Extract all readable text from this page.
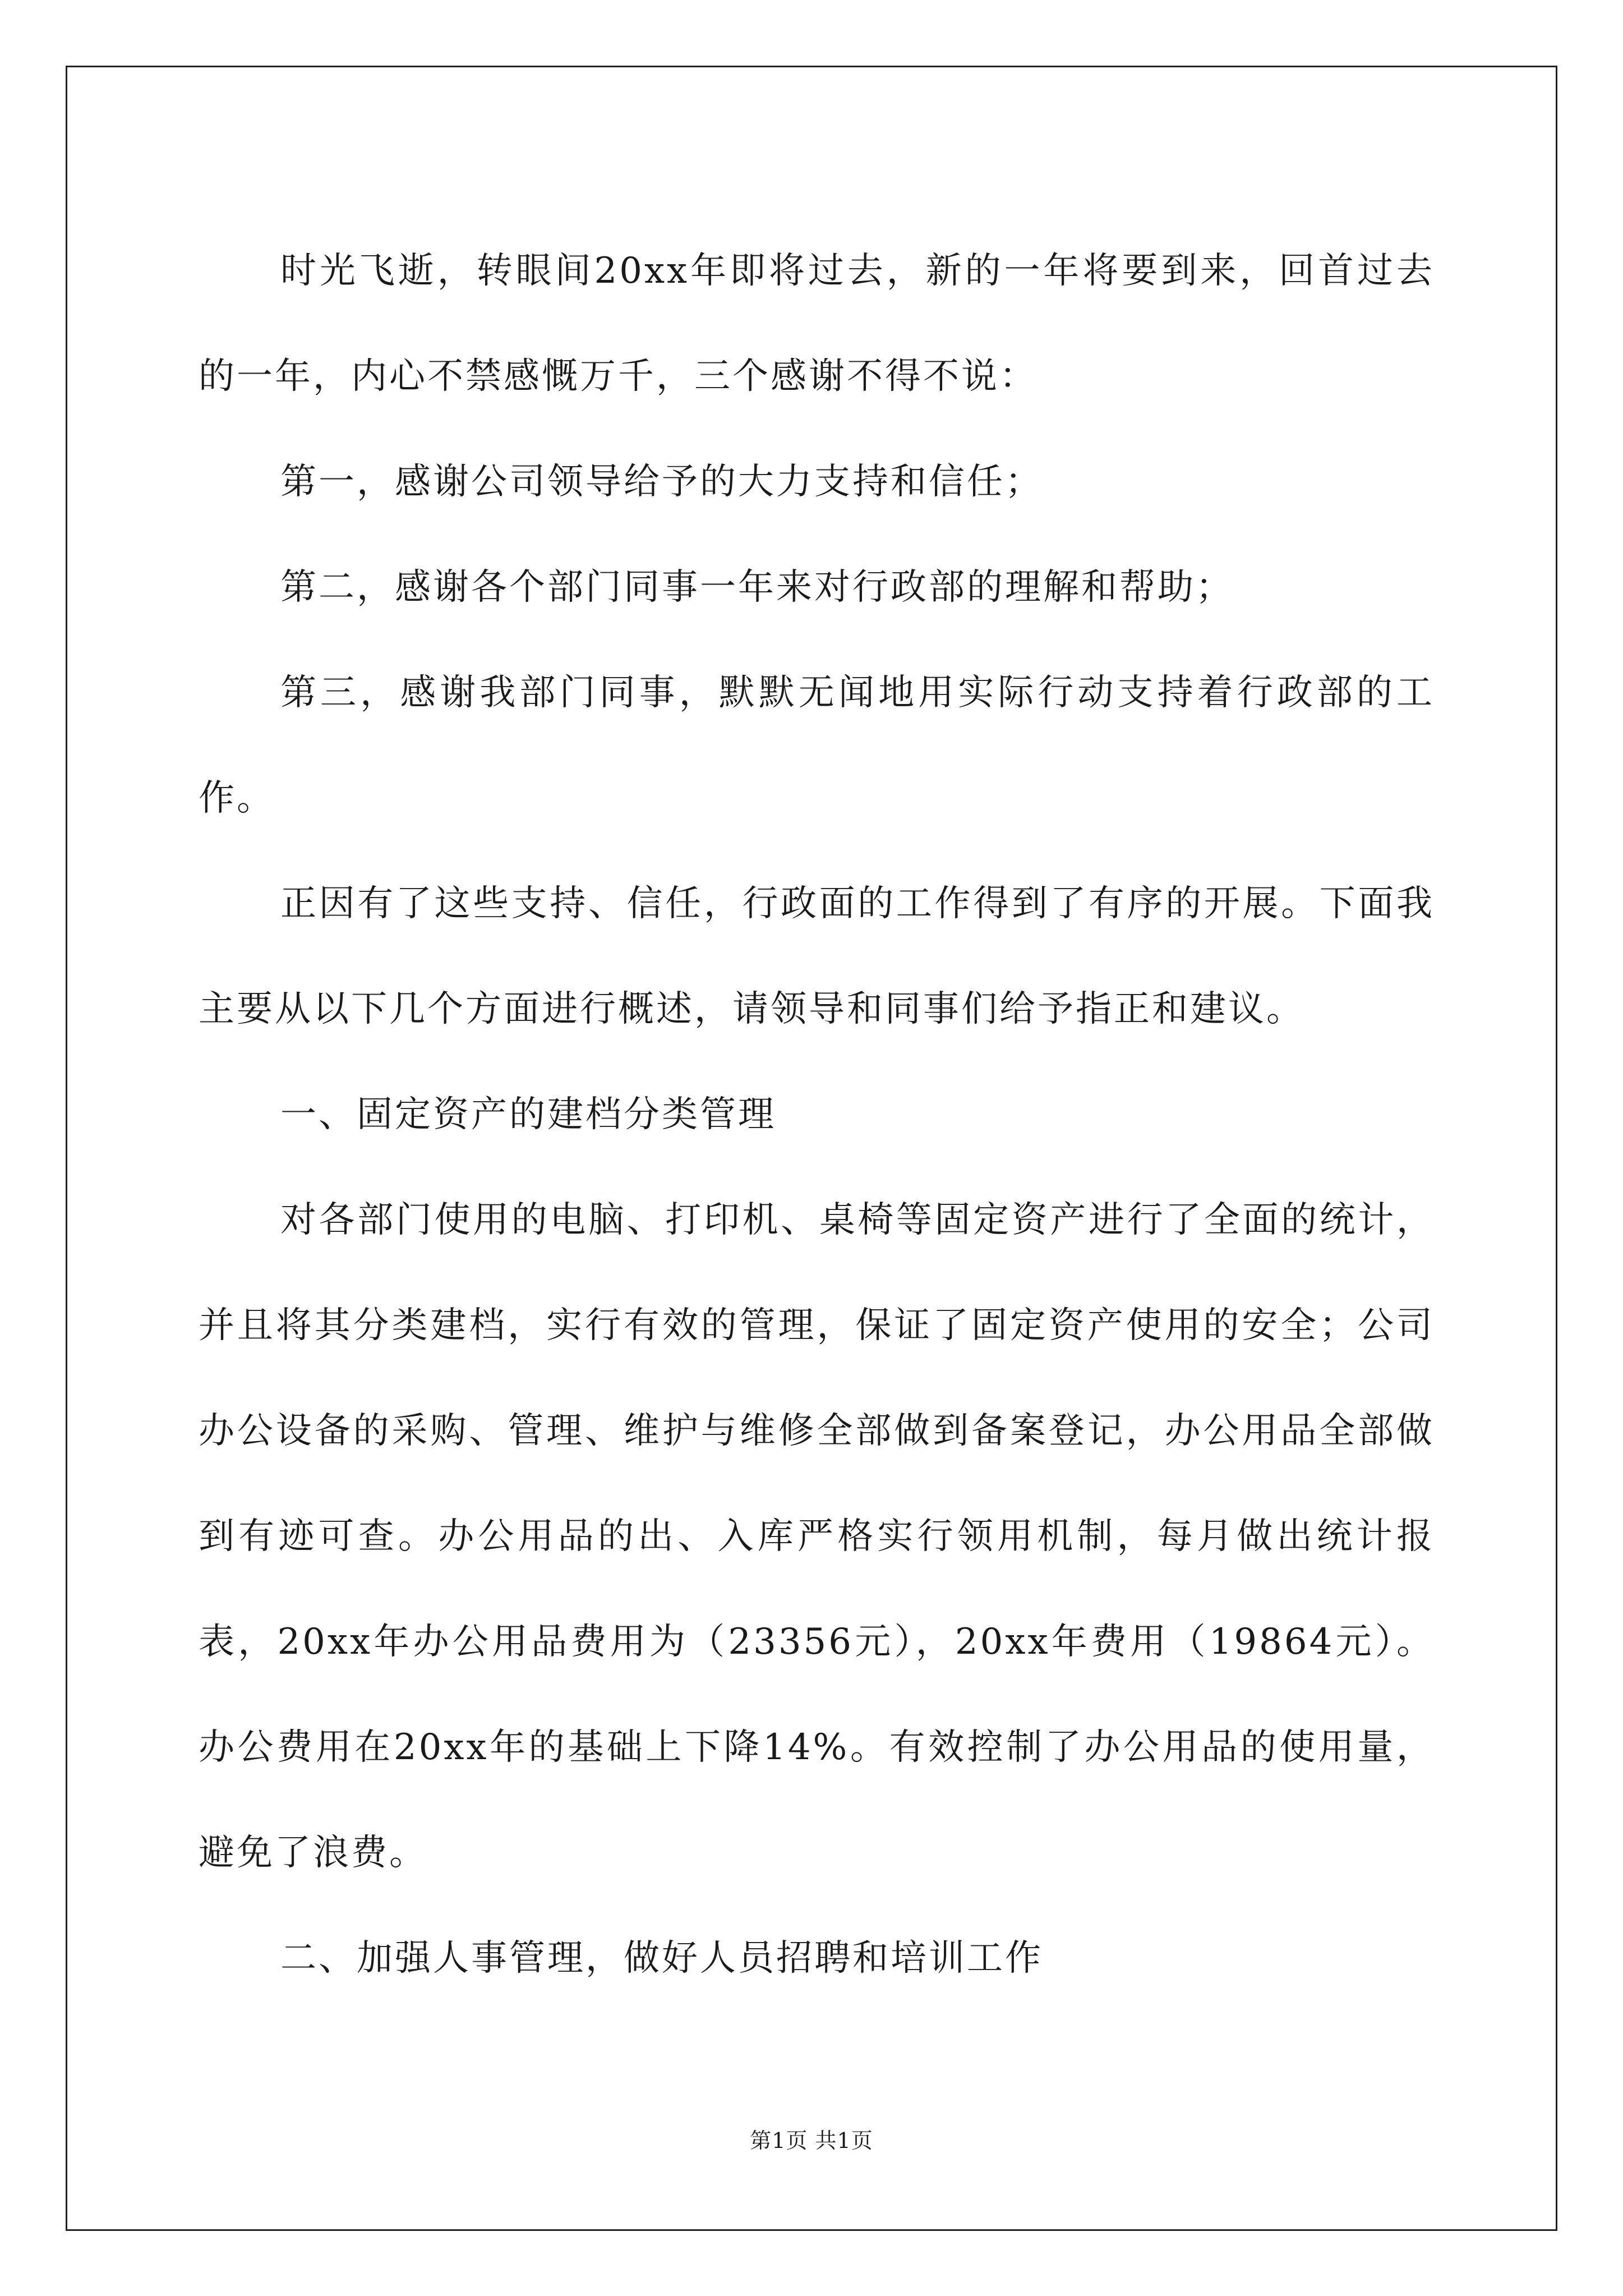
时光飞逝，转眼间20xx年即将过去，新的一年将要到来，回首过去的一年，内心不禁感慨万千，三个感谢不得不说：

第一，感谢公司领导给予的大力支持和信任；

第二，感谢各个部门同事一年来对行政部的理解和帮助；

第三，感谢我部门同事，默默无闻地用实际行动支持着行政部的工作。

正因有了这些支持、信任，行政面的工作得到了有序的开展。下面我主要从以下几个方面进行概述，请领导和同事们给予指正和建议。

一、固定资产的建档分类管理

对各部门使用的电脑、打印机、桌椅等固定资产进行了全面的统计，并且将其分类建档，实行有效的管理，保证了固定资产使用的安全；公司办公设备的采购、管理、维护与维修全部做到备案登记，办公用品全部做到有迹可查。办公用品的出、入库严格实行领用机制，每月做出统计报表，20xx年办公用品费用为（23356元），20xx年费用（19864元）。办公费用在20xx年的基础上下降14%。有效控制了办公用品的使用量，避免了浪费。

二、加强人事管理，做好人员招聘和培训工作

第1页 共1页
